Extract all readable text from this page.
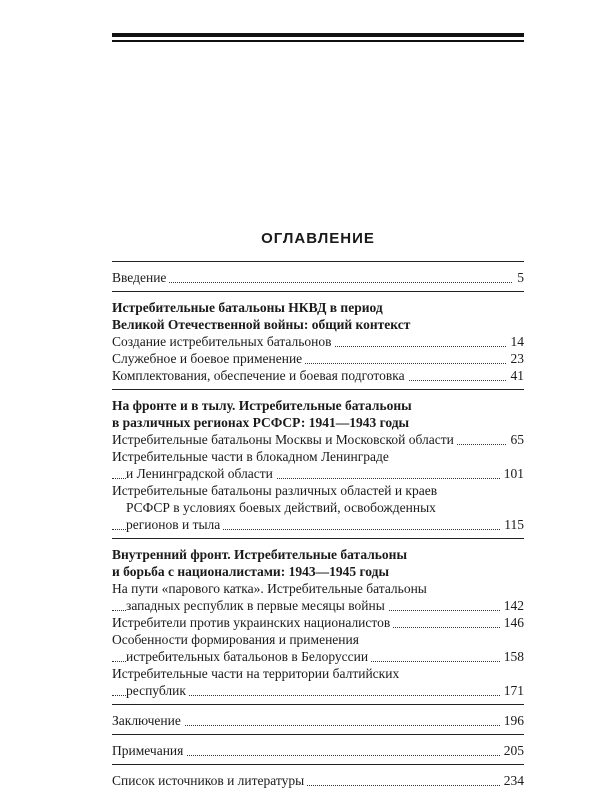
ОГЛАВЛЕНИЕ
Введение	5
Истребительные батальоны НКВД в период
Великой Отечественной войны: общий контекст
Создание истребительных батальонов	14
Служебное и боевое применение	23
Комплектования, обеспечение и боевая подготовка	41
На фронте и в тылу. Истребительные батальоны
в различных регионах РСФСР: 1941—1943 годы
Истребительные батальоны Москвы и Московской области	65
Истребительные части в блокадном Ленинграде
и Ленинградской области	101
Истребительные батальоны различных областей и краев
РСФСР в условиях боевых действий, освобожденных
регионов и тыла	115
Внутренний фронт. Истребительные батальоны
и борьба с националистами: 1943—1945 годы
На пути «парового катка». Истребительные батальоны
западных республик в первые месяцы войны	142
Истребители против украинских националистов	146
Особенности формирования и применения
истребительных батальонов в Белоруссии	158
Истребительные части на территории балтийских
республик	171
Заключение	196
Примечания	205
Список источников и литературы	234
